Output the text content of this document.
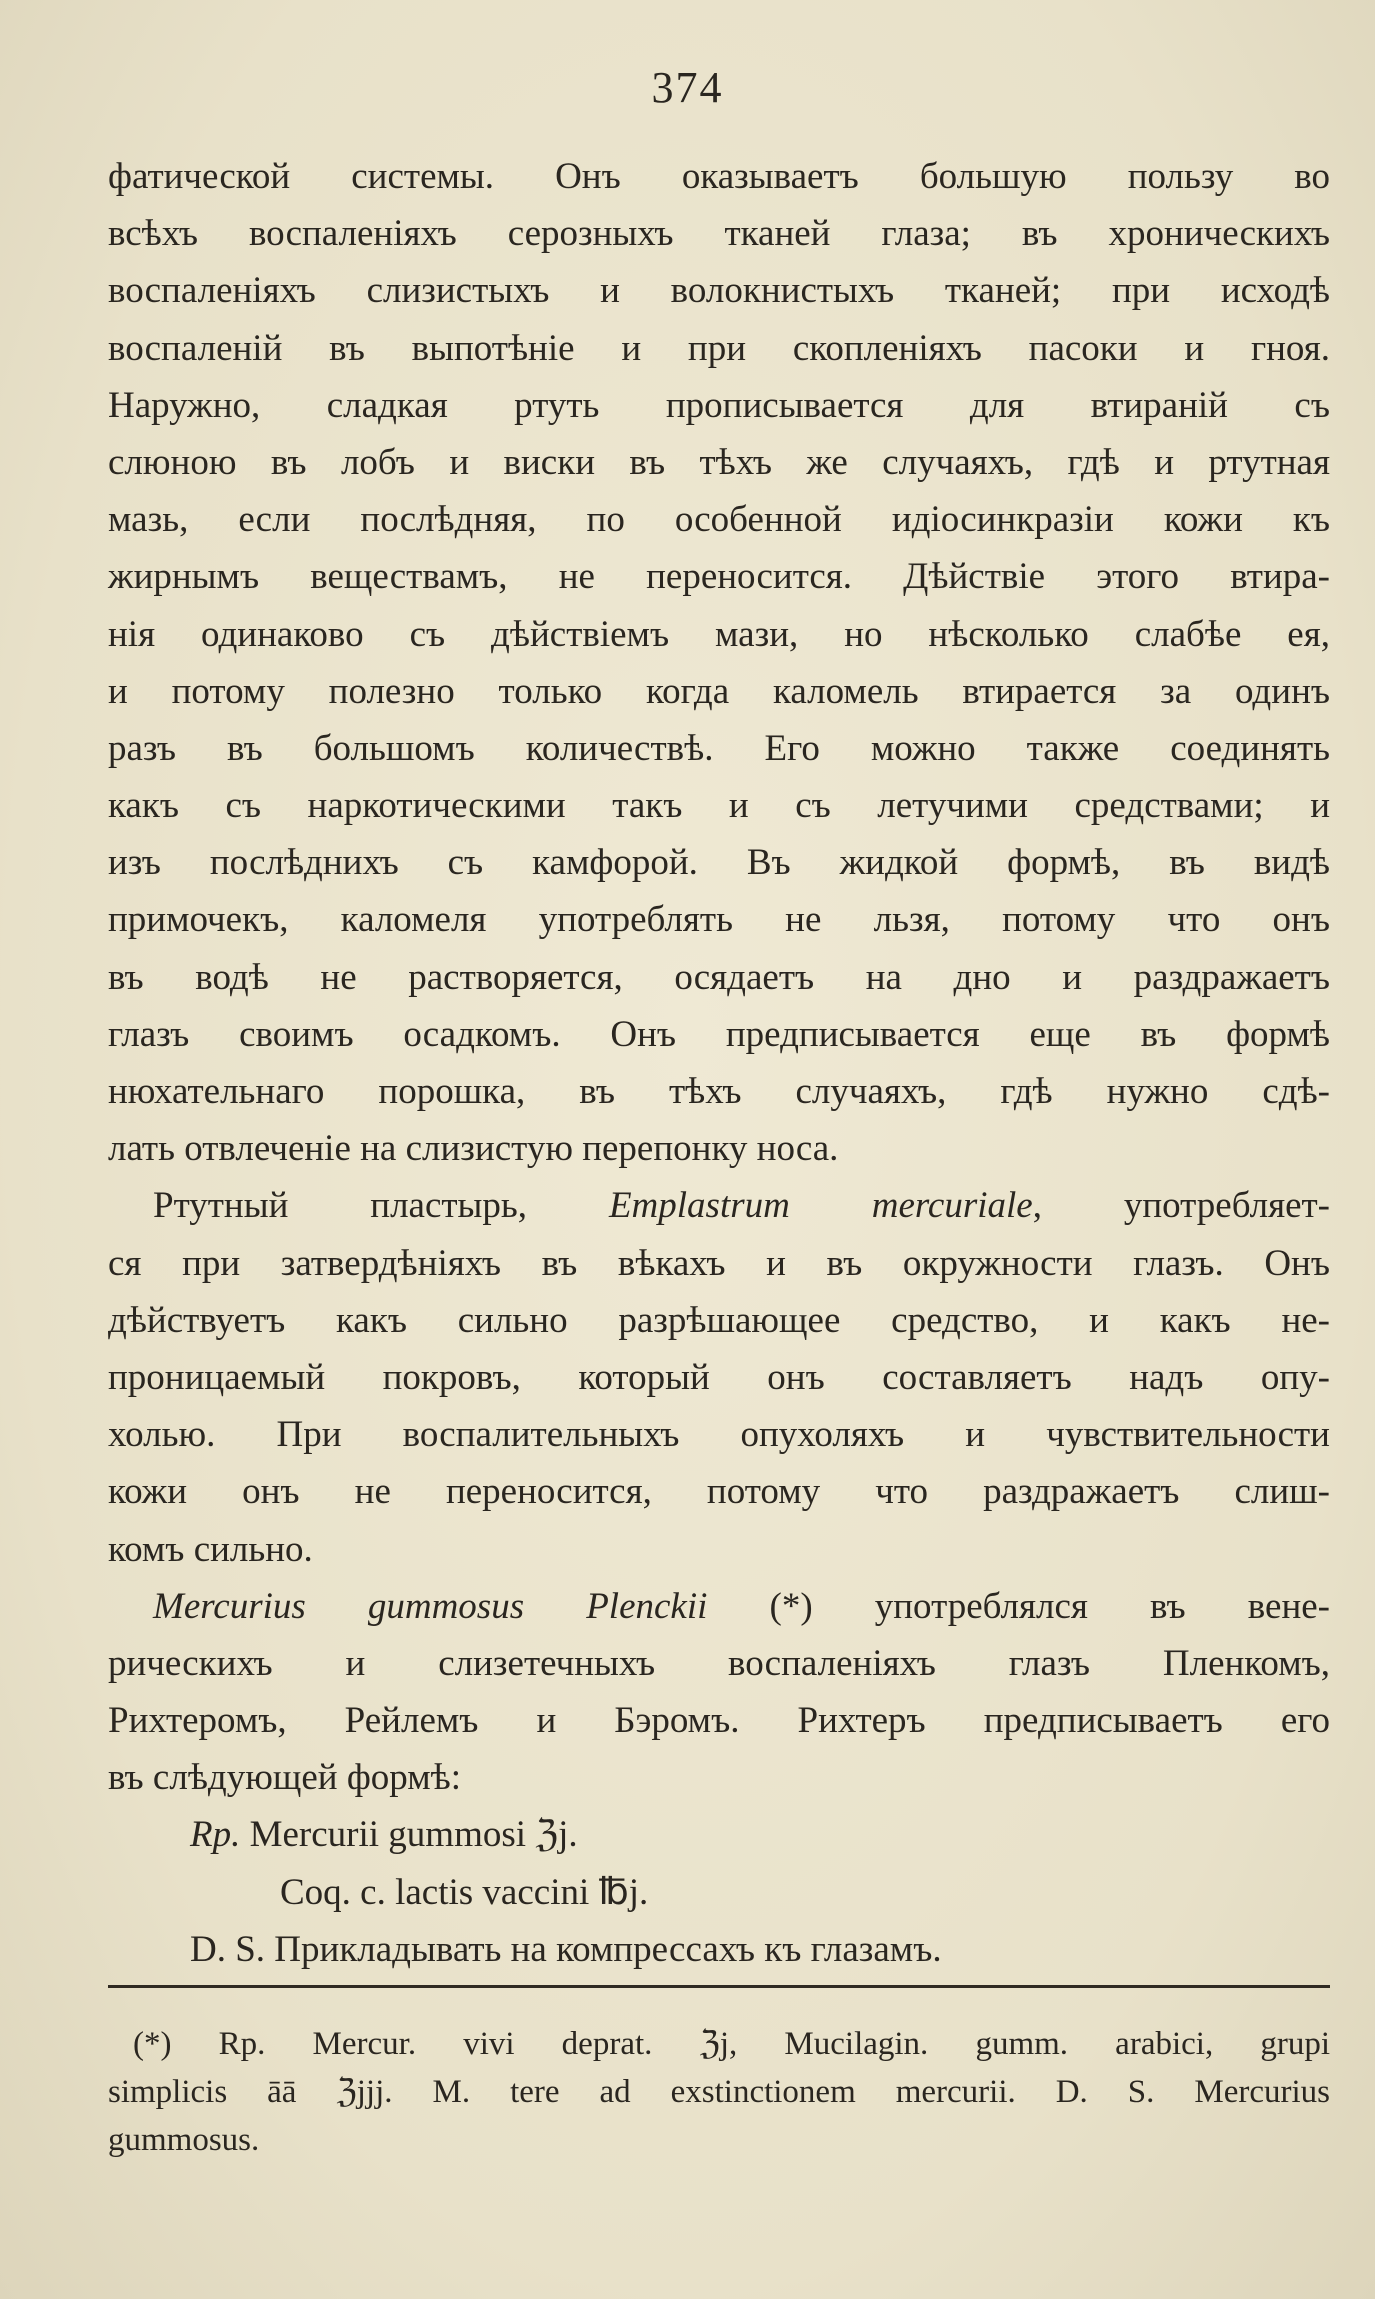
374
фатической системы. Онъ оказываетъ большую пользу во
всѣхъ воспаленіяхъ серозныхъ тканей глаза; въ хроническихъ
воспаленіяхъ слизистыхъ и волокнистыхъ тканей; при исходѣ
воспаленій въ выпотѣніе и при скопленіяхъ пасоки и гноя.
Наружно, сладкая ртуть прописывается для втираній съ
слюною въ лобъ и виски въ тѣхъ же случаяхъ, гдѣ и ртутная
мазь, если послѣдняя, по особенной идіосинкразіи кожи къ
жирнымъ веществамъ, не переносится. Дѣйствіе этого втира-
нія одинаково съ дѣйствіемъ мази, но нѣсколько слабѣе ея,
и потому полезно только когда каломель втирается за одинъ
разъ въ большомъ количествѣ. Его можно также соединять
какъ съ наркотическими такъ и съ летучими средствами; и
изъ послѣднихъ съ камфорой. Въ жидкой формѣ, въ видѣ
примочекъ, каломеля употреблять не льзя, потому что онъ
въ водѣ не растворяется, осядаетъ на дно и раздражаетъ
глазъ своимъ осадкомъ. Онъ предписывается еще въ формѣ
нюхательнаго порошка, въ тѣхъ случаяхъ, гдѣ нужно сдѣ-
лать отвлеченіе на слизистую перепонку носа.
Ртутный пластырь, Emplastrum mercuriale, употребляет-
ся при затвердѣніяхъ въ вѣкахъ и въ окружности глазъ. Онъ
дѣйствуетъ какъ сильно разрѣшающее средство, и какъ не-
проницаемый покровъ, который онъ составляетъ надъ опу-
холью. При воспалительныхъ опухоляхъ и чувствительности
кожи онъ не переносится, потому что раздражаетъ слиш-
комъ сильно.
Mercurius gummosus Plenckii (*) употреблялся въ вене-
рическихъ и слизетечныхъ воспаленіяхъ глазъ Пленкомъ,
Рихтеромъ, Рейлемъ и Бэромъ. Рихтеръ предписываетъ его
въ слѣдующей формѣ:
Rp. Mercurii gummosi ℨj.
Coq. c. lactis vaccini ℔j.
D. S. Прикладывать на компрессахъ къ глазамъ.
(*) Rp. Mercur. vivi deprat. ℨj, Mucilagin. gumm. arabici, grupi
simplicis āā ℨjjj. M. tere ad exstinctionem mercurii. D. S. Mercurius
gummosus.
